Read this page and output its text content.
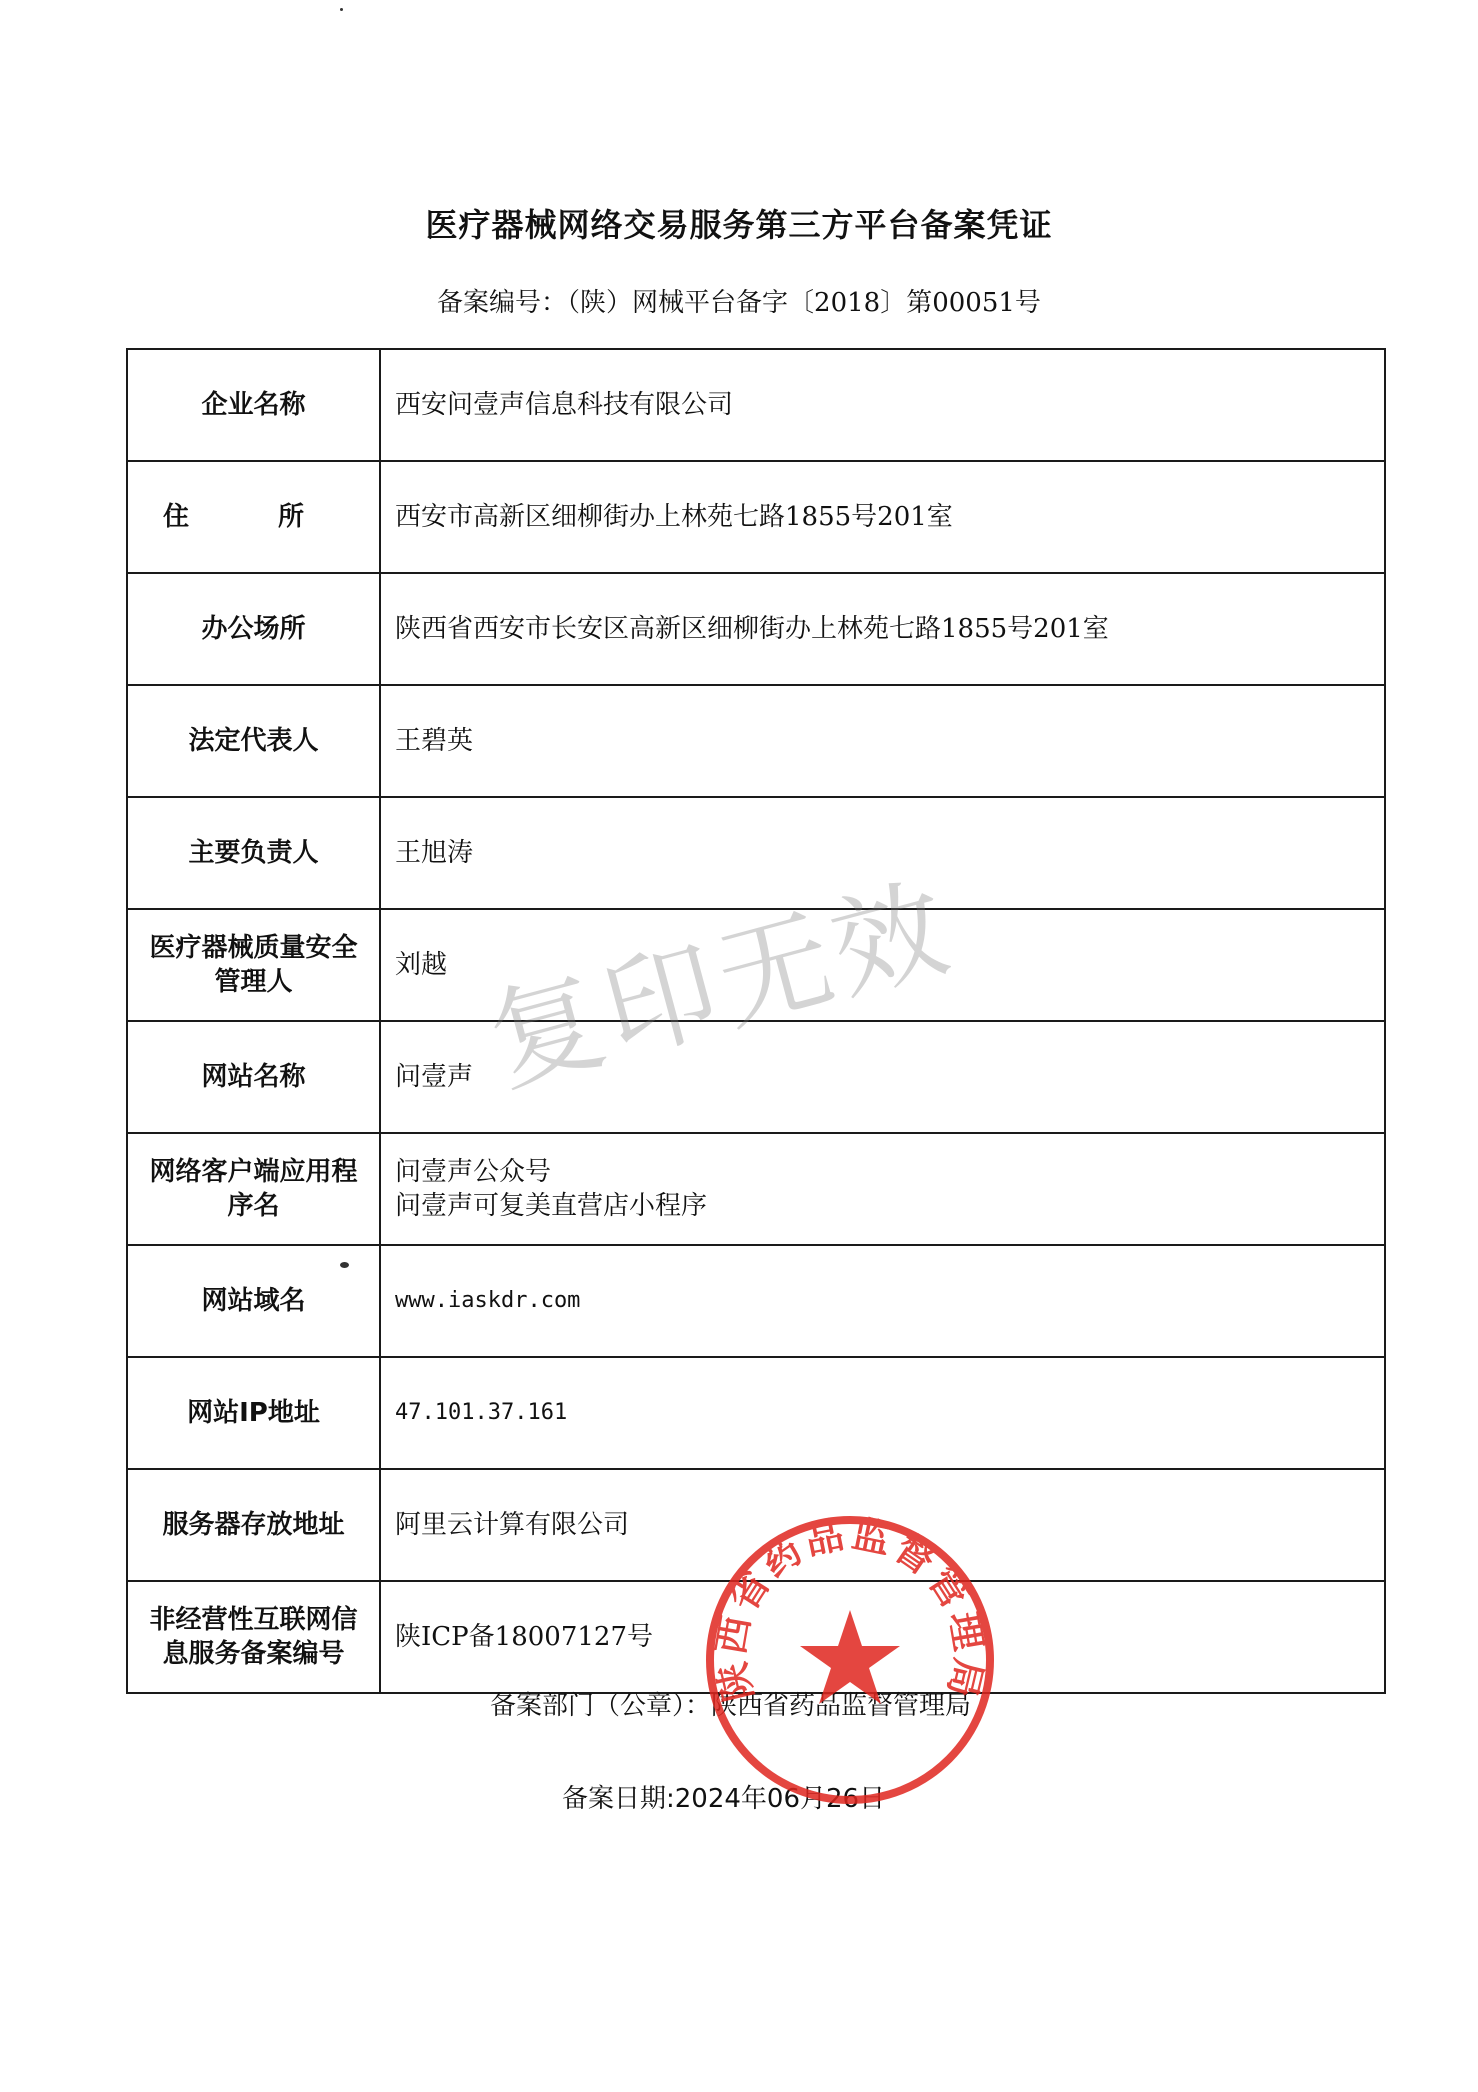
医疗器械网络交易服务第三方平台备案凭证
备案编号：（陕）网械平台备字〔2018〕第00051号
企业名称	西安问壹声信息科技有限公司
住 所	西安市高新区细柳街办上林苑七路1855号201室
办公场所	陕西省西安市长安区高新区细柳街办上林苑七路1855号201室
法定代表人	王碧英
主要负责人	王旭涛
医疗器械质量安全管理人	刘越
网站名称	问壹声
网络客户端应用程序名	问壹声公众号
问壹声可复美直营店小程序

网站域名	www.iaskdr.com
网站IP地址	47.101.37.161
服务器存放地址	阿里云计算有限公司
非经营性互联网信息服务备案编号	陕ICP备18007127号
复印无效
备案部门（公章）：陕西省药品监督管理局
备案日期:2024年06月26日
陕西省药品监督管理局
